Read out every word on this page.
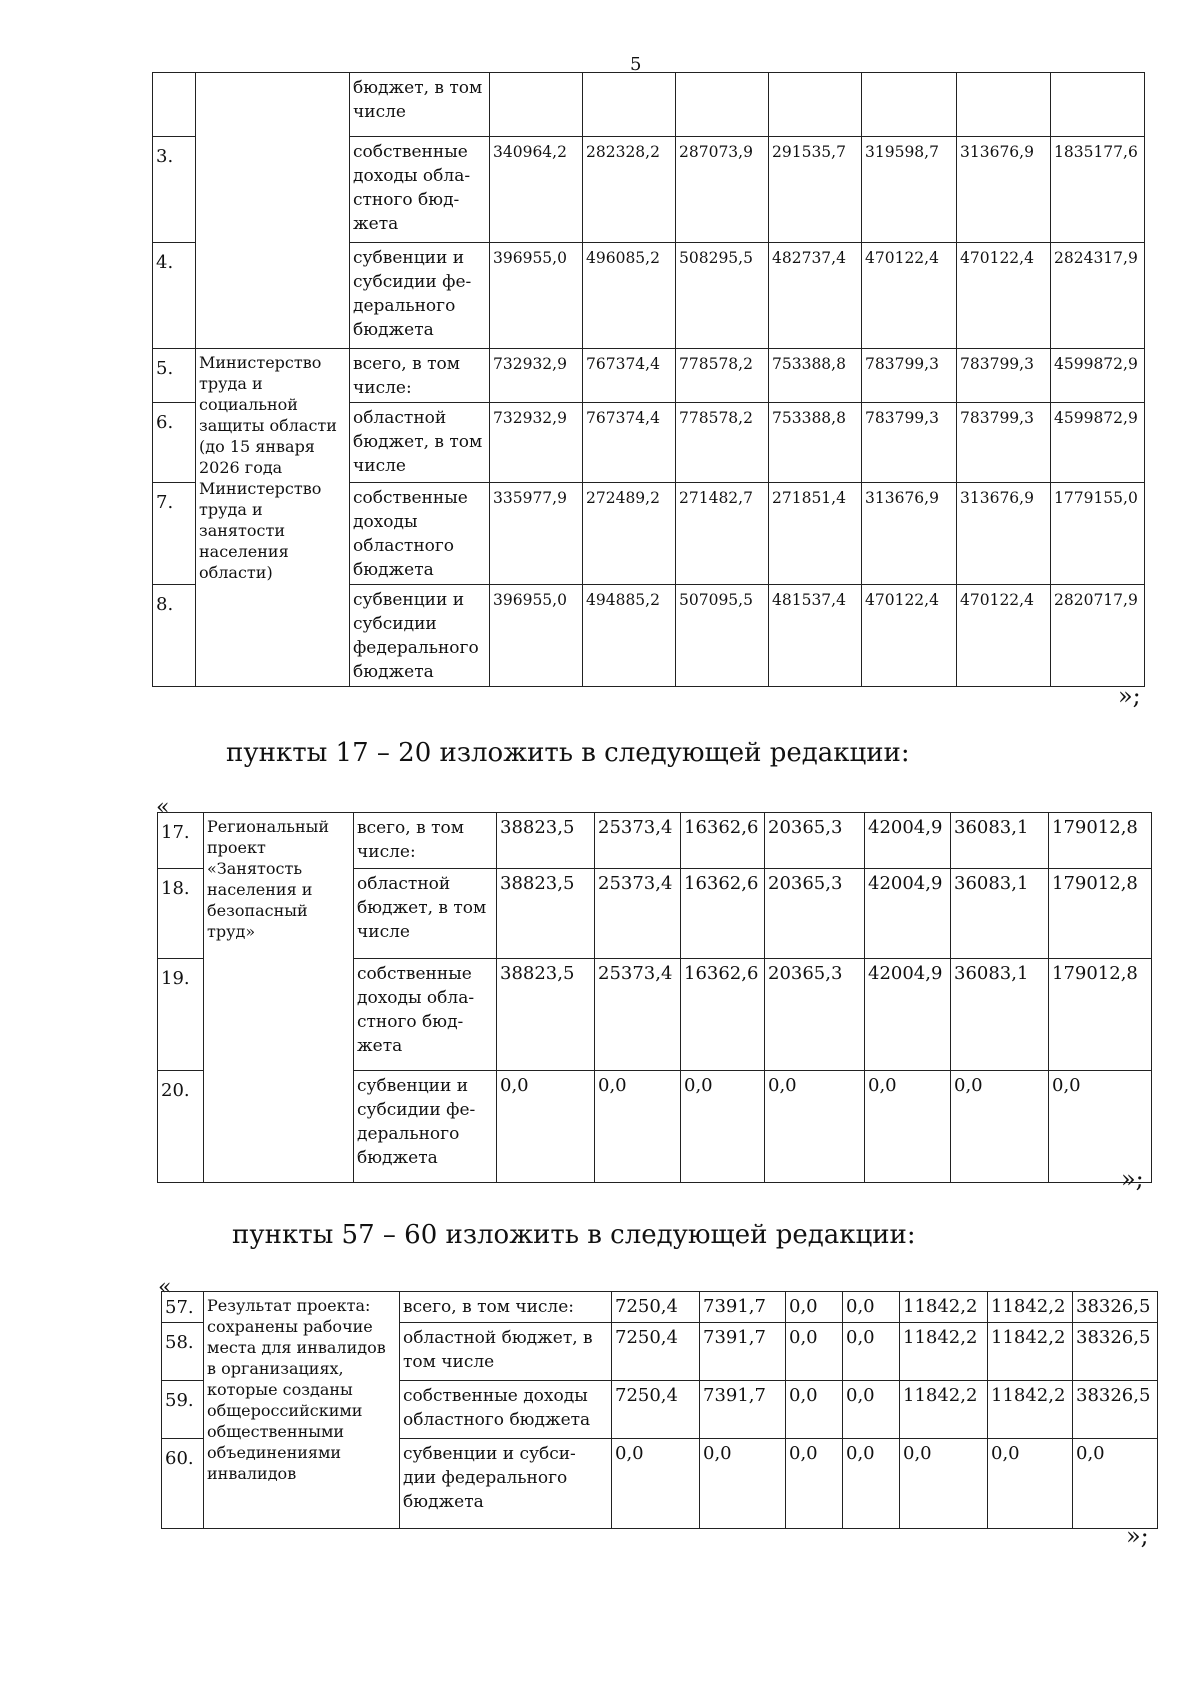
5
		бюджет, в том числе							
3.		собственные доходы обла-стного бюд-жета	340964,2	282328,2	287073,9	291535,7	319598,7	313676,9	1835177,6
4.		субвенции и субсидии фе-дерального бюджета	396955,0	496085,2	508295,5	482737,4	470122,4	470122,4	2824317,9
5.	Министерство труда и социальной защиты области (до 15 января 2026 года Министерство труда и занятости населения области)	всего, в том числе:	732932,9	767374,4	778578,2	753388,8	783799,3	783799,3	4599872,9
6.		областной бюджет, в том числе	732932,9	767374,4	778578,2	753388,8	783799,3	783799,3	4599872,9
7.		собственные доходы областного бюджета	335977,9	272489,2	271482,7	271851,4	313676,9	313676,9	1779155,0
8.		субвенции и субсидии федерального бюджета	396955,0	494885,2	507095,5	481537,4	470122,4	470122,4	2820717,9
»;
пункты 17 – 20 изложить в следующей редакции:
«
17.	Региональный проект «Занятость населения и безопасный труд»	всего, в том числе:	38823,5	25373,4	16362,6	20365,3	42004,9	36083,1	179012,8
18.		областной бюджет, в том числе	38823,5	25373,4	16362,6	20365,3	42004,9	36083,1	179012,8
19.		собственные доходы обла-стного бюд-жета	38823,5	25373,4	16362,6	20365,3	42004,9	36083,1	179012,8
20.		субвенции и субсидии фе-дерального бюджета	0,0	0,0	0,0	0,0	0,0	0,0	0,0
»;
пункты 57 – 60 изложить в следующей редакции:
«
57.	Результат проекта: сохранены рабочие места для инвалидов в организациях, которые созданы общероссийскими общественными объединениями инвалидов	всего, в том числе:	7250,4	7391,7	0,0	0,0	11842,2	11842,2	38326,5
58.		областной бюджет, в том числе	7250,4	7391,7	0,0	0,0	11842,2	11842,2	38326,5
59.		собственные доходы областного бюджета	7250,4	7391,7	0,0	0,0	11842,2	11842,2	38326,5
60.		субвенции и субси-дии федерального бюджета	0,0	0,0	0,0	0,0	0,0	0,0	0,0
»;
